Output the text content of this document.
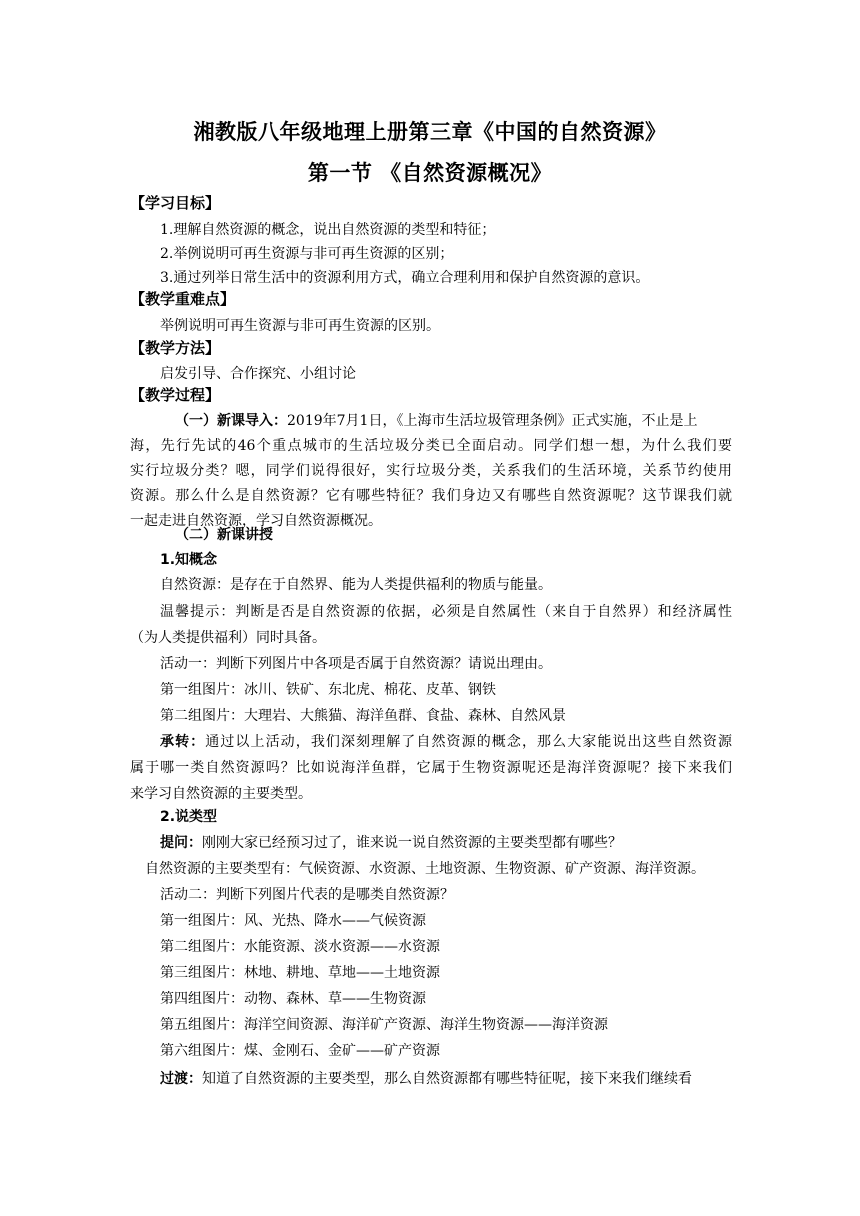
湘教版八年级地理上册第三章《中国的自然资源》
第一节 《自然资源概况》
【学习目标】
1.理解自然资源的概念，说出自然资源的类型和特征；
2.举例说明可再生资源与非可再生资源的区别；
3.通过列举日常生活中的资源利用方式，确立合理利用和保护自然资源的意识。
【教学重难点】
举例说明可再生资源与非可再生资源的区别。
【教学方法】
启发引导、合作探究、小组讨论
【教学过程】
（一）新课导入：2019年7月1日，《上海市生活垃圾管理条例》正式实施，不止是上
海，先行先试的46个重点城市的生活垃圾分类已全面启动。同学们想一想，为什么我们要
实行垃圾分类？嗯，同学们说得很好，实行垃圾分类，关系我们的生活环境，关系节约使用
资源。那么什么是自然资源？它有哪些特征？我们身边又有哪些自然资源呢？这节课我们就
一起走进自然资源，学习自然资源概况。
（二）新课讲授
1.知概念
自然资源：是存在于自然界、能为人类提供福利的物质与能量。
温馨提示：判断是否是自然资源的依据，必须是自然属性（来自于自然界）和经济属性
（为人类提供福利）同时具备。
活动一：判断下列图片中各项是否属于自然资源？请说出理由。
第一组图片：冰川、铁矿、东北虎、棉花、皮革、钢铁
第二组图片：大理岩、大熊猫、海洋鱼群、食盐、森林、自然风景
承转：通过以上活动，我们深刻理解了自然资源的概念，那么大家能说出这些自然资源
属于哪一类自然资源吗？比如说海洋鱼群，它属于生物资源呢还是海洋资源呢？接下来我们
来学习自然资源的主要类型。
2.说类型
提问：刚刚大家已经预习过了，谁来说一说自然资源的主要类型都有哪些？
自然资源的主要类型有：气候资源、水资源、土地资源、生物资源、矿产资源、海洋资源。
活动二：判断下列图片代表的是哪类自然资源？
第一组图片：风、光热、降水——气候资源
第二组图片：水能资源、淡水资源——水资源
第三组图片：林地、耕地、草地——土地资源
第四组图片：动物、森林、草——生物资源
第五组图片：海洋空间资源、海洋矿产资源、海洋生物资源——海洋资源
第六组图片：煤、金刚石、金矿——矿产资源
过渡：知道了自然资源的主要类型，那么自然资源都有哪些特征呢，接下来我们继续看
